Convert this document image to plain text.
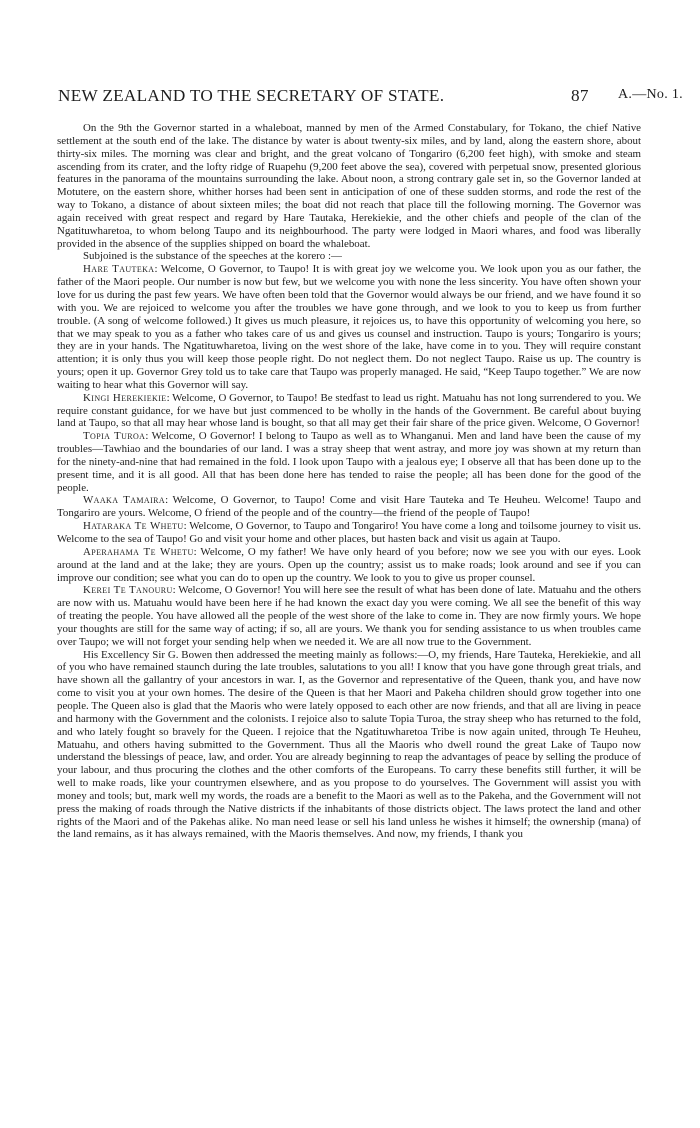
NEW ZEALAND TO THE SECRETARY OF STATE.	87 A.—No. 1.

On the 9th the Governor started in a whaleboat, manned by men of the Armed Constabulary, for Tokano, the chief Native settlement at the south end of the lake. The distance by water is about twenty-six miles, and by land, along the eastern shore, about thirty-six miles. The morning was clear and bright, and the great volcano of Tongariro (6,200 feet high), with smoke and steam ascending from its crater, and the lofty ridge of Ruapehu (9,200 feet above the sea), covered with perpetual snow, presented glorious features in the panorama of the mountains surrounding the lake. About noon, a strong contrary gale set in, so the Governor landed at Motutere, on the eastern shore, whither horses had been sent in anticipation of one of these sudden storms, and rode the rest of the way to Tokano, a distance of about sixteen miles; the boat did not reach that place till the following morning. The Governor was again received with great respect and regard by Hare Tautaka, Herekiekie, and the other chiefs and people of the clan of the Ngatituwharetoa, to whom belong Taupo and its neighbourhood. The party were lodged in Maori whares, and food was liberally provided in the absence of the supplies shipped on board the whaleboat.

Subjoined is the substance of the speeches at the korero :—

Hare Tauteka: Welcome, O Governor, to Taupo! It is with great joy we welcome you. We look upon you as our father, the father of the Maori people. Our number is now but few, but we welcome you with none the less sincerity. You have often shown your love for us during the past few years. We have often been told that the Governor would always be our friend, and we have found it so with you. We are rejoiced to welcome you after the troubles we have gone through, and we look to you to keep us from further trouble. (A song of welcome followed.) It gives us much pleasure, it rejoices us, to have this opportunity of welcoming you here, so that we may speak to you as a father who takes care of us and gives us counsel and instruction. Taupo is yours; Tongariro is yours; they are in your hands. The Ngatituwharetoa, living on the west shore of the lake, have come in to you. They will require constant attention; it is only thus you will keep those people right. Do not neglect them. Do not neglect Taupo. Raise us up. The country is yours; open it up. Governor Grey told us to take care that Taupo was properly managed. He said, “Keep Taupo together.” We are now waiting to hear what this Governor will say.

Kingi Herekiekie: Welcome, O Governor, to Taupo! Be stedfast to lead us right. Matuahu has not long surrendered to you. We require constant guidance, for we have but just commenced to be wholly in the hands of the Government. Be careful about buying land at Taupo, so that all may hear whose land is bought, so that all may get their fair share of the price given. Welcome, O Governor!

Topia Turoa: Welcome, O Governor! I belong to Taupo as well as to Whanganui. Men and land have been the cause of my troubles—Tawhiao and the boundaries of our land. I was a stray sheep that went astray, and more joy was shown at my return than for the ninety-and-nine that had remained in the fold. I look upon Taupo with a jealous eye; I observe all that has been done up to the present time, and it is all good. All that has been done here has tended to raise the people; all has been done for the good of the people.

Waaka Tamaira: Welcome, O Governor, to Taupo! Come and visit Hare Tauteka and Te Heuheu. Welcome! Taupo and Tongariro are yours. Welcome, O friend of the people and of the country—the friend of the people of Taupo!

Hataraka Te Whetu: Welcome, O Governor, to Taupo and Tongariro! You have come a long and toilsome journey to visit us. Welcome to the sea of Taupo! Go and visit your home and other places, but hasten back and visit us again at Taupo.

Aperahama Te Whetu: Welcome, O my father! We have only heard of you before; now we see you with our eyes. Look around at the land and at the lake; they are yours. Open up the country; assist us to make roads; look around and see if you can improve our condition; see what you can do to open up the country. We look to you to give us proper counsel.

Kerei Te Tanouru: Welcome, O Governor! You will here see the result of what has been done of late. Matuahu and the others are now with us. Matuahu would have been here if he had known the exact day you were coming. We all see the benefit of this way of treating the people. You have allowed all the people of the west shore of the lake to come in. They are now firmly yours. We hope your thoughts are still for the same way of acting; if so, all are yours. We thank you for sending assistance to us when troubles came over Taupo; we will not forget your sending help when we needed it. We are all now true to the Government.

His Excellency Sir G. Bowen then addressed the meeting mainly as follows:—O, my friends, Hare Tauteka, Herekiekie, and all of you who have remained staunch during the late troubles, salutations to you all! I know that you have gone through great trials, and have shown all the gallantry of your ancestors in war. I, as the Governor and representative of the Queen, thank you, and have now come to visit you at your own homes. The desire of the Queen is that her Maori and Pakeha children should grow together into one people. The Queen also is glad that the Maoris who were lately opposed to each other are now friends, and that all are living in peace and harmony with the Government and the colonists. I rejoice also to salute Topia Turoa, the stray sheep who has returned to the fold, and who lately fought so bravely for the Queen. I rejoice that the Ngatituwharetoa Tribe is now again united, through Te Heuheu, Matuahu, and others having submitted to the Government. Thus all the Maoris who dwell round the great Lake of Taupo now understand the blessings of peace, law, and order. You are already beginning to reap the advantages of peace by selling the produce of your labour, and thus procuring the clothes and the other comforts of the Europeans. To carry these benefits still further, it will be well to make roads, like your countrymen elsewhere, and as you propose to do yourselves. The Government will assist you with money and tools; but, mark well my words, the roads are a benefit to the Maori as well as to the Pakeha, and the Government will not press the making of roads through the Native districts if the inhabitants of those districts object. The laws protect the land and other rights of the Maori and of the Pakehas alike. No man need lease or sell his land unless he wishes it himself; the ownership (mana) of the land remains, as it has always remained, with the Maoris themselves. And now, my friends, I thank you
